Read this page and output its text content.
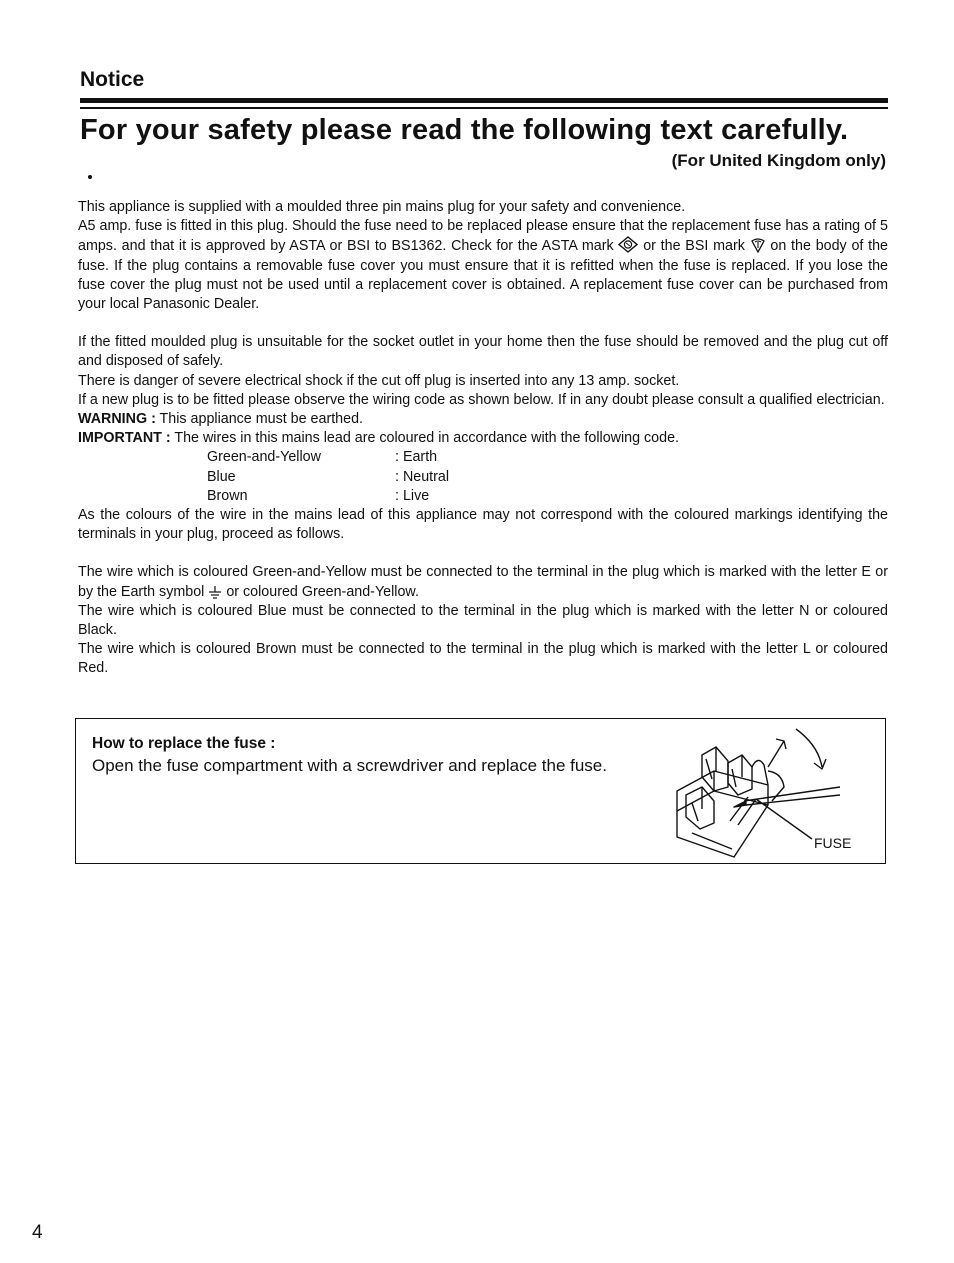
Notice
For your safety please read the following text carefully.
(For United Kingdom only)

This appliance is supplied with a moulded three pin mains plug for your safety and convenience.
A5 amp. fuse is fitted in this plug. Should the fuse need to be replaced please ensure that the replacement fuse has a rating of 5 amps. and that it is approved by ASTA or BSI to BS1362. Check for the ASTA mark or the BSI mark on the body of the fuse. If the plug contains a removable fuse cover you must ensure that it is refitted when the fuse is replaced. If you lose the fuse cover the plug must not be used until a replacement cover is obtained. A replacement fuse cover can be purchased from your local Panasonic Dealer.

If the fitted moulded plug is unsuitable for the socket outlet in your home then the fuse should be removed and the plug cut off and disposed of safely.

There is danger of severe electrical shock if the cut off plug is inserted into any 13 amp. socket.

If a new plug is to be fitted please observe the wiring code as shown below. If in any doubt please consult a qualified electrician.

WARNING : This appliance must be earthed.

IMPORTANT : The wires in this mains lead are coloured in accordance with the following code.

Green-and-Yellow	: Earth
Blue	: Neutral
Brown	: Live

As the colours of the wire in the mains lead of this appliance may not correspond with the coloured markings identifying the terminals in your plug, proceed as follows.

The wire which is coloured Green-and-Yellow must be connected to the terminal in the plug which is marked with the letter E or by the Earth symbol or coloured Green-and-Yellow.

The wire which is coloured Blue must be connected to the terminal in the plug which is marked with the letter N or coloured Black.

The wire which is coloured Brown must be connected to the terminal in the plug which is marked with the letter L or coloured Red.

How to replace the fuse :

Open the fuse compartment with a screwdriver and replace the fuse.

FUSE
4
